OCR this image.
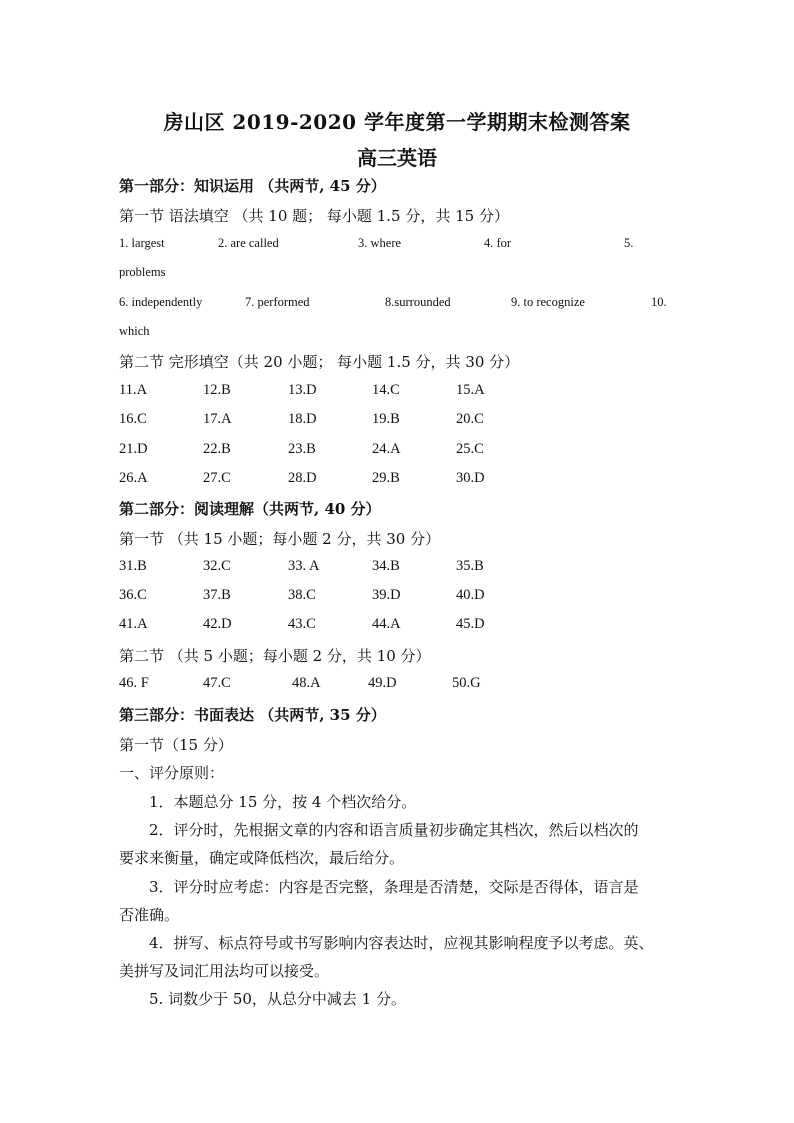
房山区 2019-2020 学年度第一学期期末检测答案
高三英语
第一部分：知识运用 （共两节, 45 分）
第一节 语法填空 （共 10 题； 每小题 1.5 分，共 15 分）
1. largest	2. are called	3. where	4. for	5.
problems
6. independently	7. performed	8.surrounded	9. to recognize	10.
which
第二节 完形填空（共 20 小题； 每小题 1.5 分，共 30 分）
11.A	12.B	13.D	14.C	15.A
16.C	17.A	18.D	19.B	20.C
21.D	22.B	23.B	24.A	25.C
26.A	27.C	28.D	29.B	30.D
第二部分：阅读理解（共两节, 40 分）
第一节 （共 15 小题；每小题 2 分，共 30 分）
31.B	32.C	33. A	34.B	35.B
36.C	37.B	38.C	39.D	40.D
41.A	42.D	43.C	44.A	45.D
第二节 （共 5 小题；每小题 2 分，共 10 分）
46. F	47.C	48.A	49.D	50.G
第三部分：书面表达 （共两节, 35 分）
第一节（15 分）
一、评分原则：
1．本题总分 15 分，按 4 个档次给分。
2．评分时，先根据文章的内容和语言质量初步确定其档次，然后以档次的
要求来衡量，确定或降低档次，最后给分。
3．评分时应考虑：内容是否完整，条理是否清楚，交际是否得体，语言是
否准确。
4．拼写、标点符号或书写影响内容表达时，应视其影响程度予以考虑。英、
美拼写及词汇用法均可以接受。
5. 词数少于 50，从总分中减去 1 分。
